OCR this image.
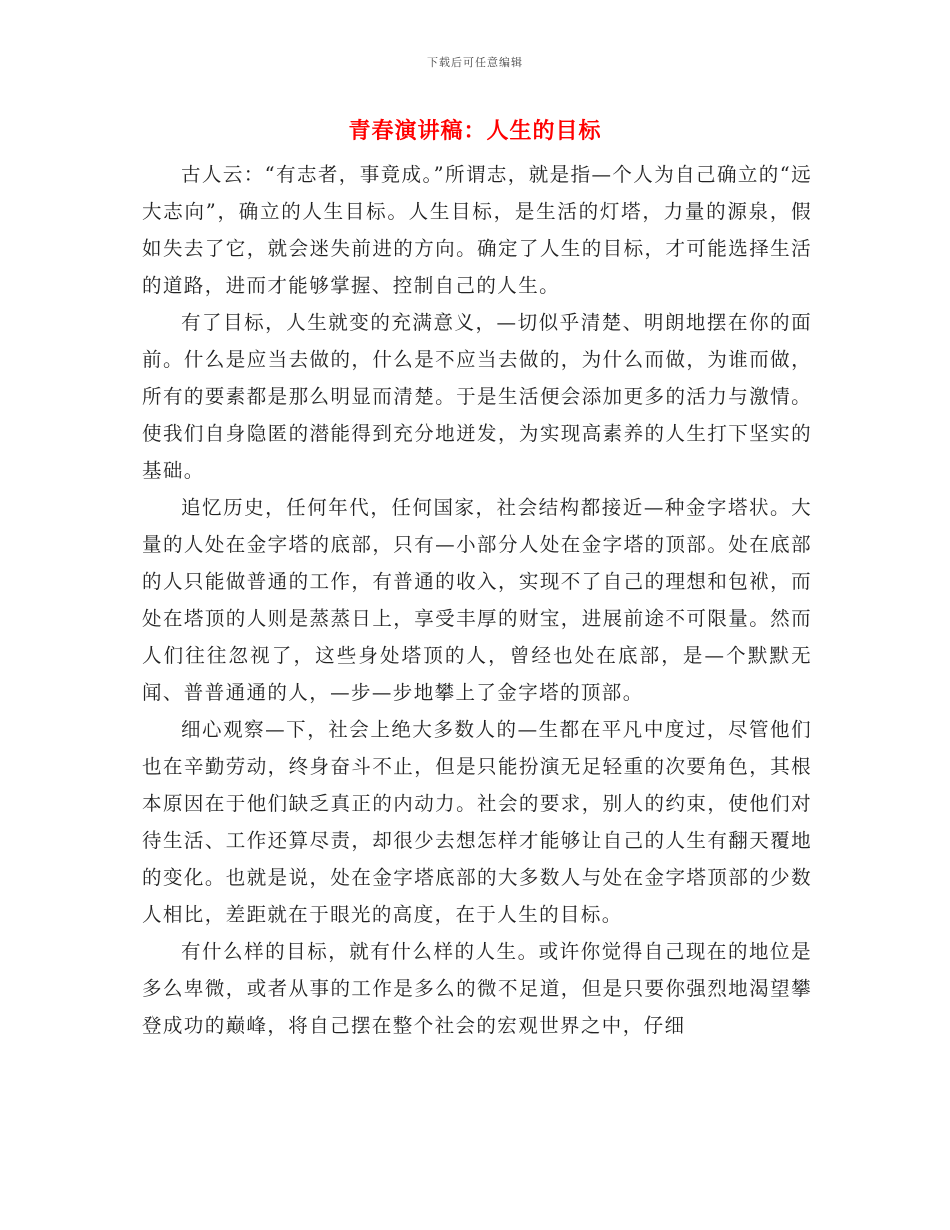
下载后可任意编辑
青春演讲稿：人生的目标

古人云：“有志者，事竟成。”所谓志，就是指—个人为自己确立的“远大志向”，确立的人生目标。人生目标，是生活的灯塔，力量的源泉，假如失去了它，就会迷失前进的方向。确定了人生的目标，才可能选择生活的道路，进而才能够掌握、控制自己的人生。

有了目标，人生就变的充满意义，—切似乎清楚、明朗地摆在你的面前。什么是应当去做的，什么是不应当去做的，为什么而做，为谁而做，所有的要素都是那么明显而清楚。于是生活便会添加更多的活力与激情。使我们自身隐匿的潜能得到充分地迸发，为实现高素养的人生打下坚实的基础。

追忆历史，任何年代，任何国家，社会结构都接近—种金字塔状。大量的人处在金字塔的底部，只有—小部分人处在金字塔的顶部。处在底部的人只能做普通的工作，有普通的收入，实现不了自己的理想和包袱，而处在塔顶的人则是蒸蒸日上，享受丰厚的财宝，进展前途不可限量。然而人们往往忽视了，这些身处塔顶的人，曾经也处在底部，是—个默默无闻、普普通通的人，—步—步地攀上了金字塔的顶部。

细心观察—下，社会上绝大多数人的—生都在平凡中度过，尽管他们也在辛勤劳动，终身奋斗不止，但是只能扮演无足轻重的次要角色，其根本原因在于他们缺乏真正的内动力。社会的要求，别人的约束，使他们对待生活、工作还算尽责，却很少去想怎样才能够让自己的人生有翻天覆地的变化。也就是说，处在金字塔底部的大多数人与处在金字塔顶部的少数人相比，差距就在于眼光的高度，在于人生的目标。

有什么样的目标，就有什么样的人生。或许你觉得自己现在的地位是多么卑微，或者从事的工作是多么的微不足道，但是只要你强烈地渴望攀登成功的巅峰，将自己摆在整个社会的宏观世界之中，仔细
